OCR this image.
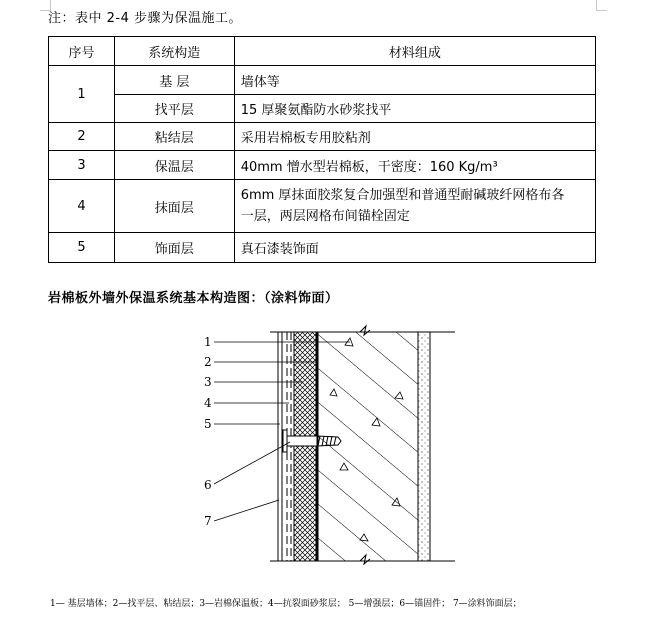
注：表中 2-4 步骤为保温施工。
序号	系统构造	材料组成
1	基 层	墙体等
	找平层	15 厚聚氨酯防水砂浆找平
2	粘结层	采用岩棉板专用胶粘剂
3	保温层	40mm 憎水型岩棉板，干密度：160 Kg/m³
4	抹面层	6mm 厚抹面胶浆复合加强型和普通型耐碱玻纤网格布各
一层，两层网格布间锚栓固定
5	饰面层	真石漆装饰面
岩棉板外墙外保温系统基本构造图：（涂料饰面）
1
2
3
4
5
6
7
1— 基层墙体；2—找平层、粘结层；3—岩棉保温板；4—抗裂面砂浆层； 5—增强层；6—锚固件； 7—涂料饰面层；
